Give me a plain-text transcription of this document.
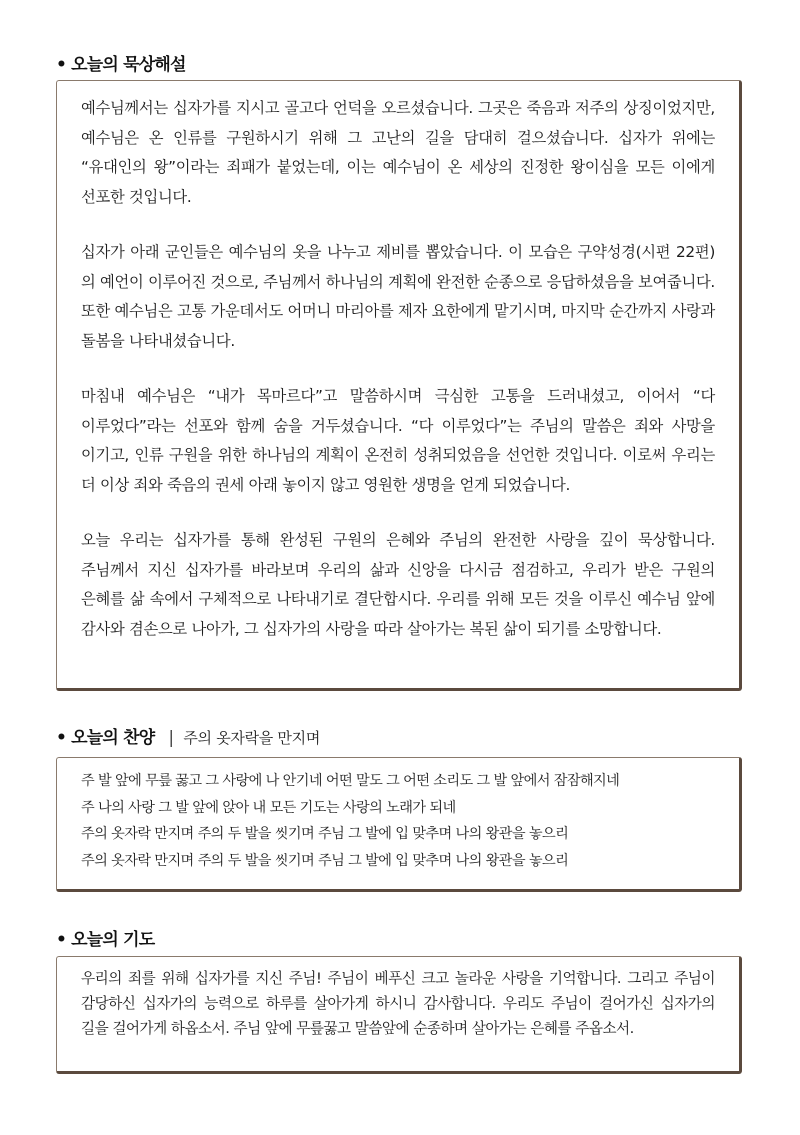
• 오늘의 묵상해설

예수님께서는 십자가를 지시고 골고다 언덕을 오르셨습니다. 그곳은 죽음과 저주의 상징이었지만, 예수님은 온 인류를 구원하시기 위해 그 고난의 길을 담대히 걸으셨습니다. 십자가 위에는 “유대인의 왕”이라는 죄패가 붙었는데, 이는 예수님이 온 세상의 진정한 왕이심을 모든 이에게 선포한 것입니다.

십자가 아래 군인들은 예수님의 옷을 나누고 제비를 뽑았습니다. 이 모습은 구약성경(시편 22편)의 예언이 이루어진 것으로, 주님께서 하나님의 계획에 완전한 순종으로 응답하셨음을 보여줍니다. 또한 예수님은 고통 가운데서도 어머니 마리아를 제자 요한에게 맡기시며, 마지막 순간까지 사랑과 돌봄을 나타내셨습니다.

마침내 예수님은 “내가 목마르다”고 말씀하시며 극심한 고통을 드러내셨고, 이어서 “다 이루었다”라는 선포와 함께 숨을 거두셨습니다. “다 이루었다”는 주님의 말씀은 죄와 사망을 이기고, 인류 구원을 위한 하나님의 계획이 온전히 성취되었음을 선언한 것입니다. 이로써 우리는 더 이상 죄와 죽음의 권세 아래 놓이지 않고 영원한 생명을 얻게 되었습니다.

오늘 우리는 십자가를 통해 완성된 구원의 은혜와 주님의 완전한 사랑을 깊이 묵상합니다. 주님께서 지신 십자가를 바라보며 우리의 삶과 신앙을 다시금 점검하고, 우리가 받은 구원의 은혜를 삶 속에서 구체적으로 나타내기로 결단합시다. 우리를 위해 모든 것을 이루신 예수님 앞에 감사와 겸손으로 나아가, 그 십자가의 사랑을 따라 살아가는 복된 삶이 되기를 소망합니다.

• 오늘의 찬양 | 주의 옷자락을 만지며
주 발 앞에 무릎 꿇고 그 사랑에 나 안기네 어떤 말도 그 어떤 소리도 그 발 앞에서 잠잠해지네
주 나의 사랑 그 발 앞에 앉아 내 모든 기도는 사랑의 노래가 되네
주의 옷자락 만지며 주의 두 발을 씻기며 주님 그 발에 입 맞추며 나의 왕관을 놓으리
주의 옷자락 만지며 주의 두 발을 씻기며 주님 그 발에 입 맞추며 나의 왕관을 놓으리
• 오늘의 기도

우리의 죄를 위해 십자가를 지신 주님! 주님이 베푸신 크고 놀라운 사랑을 기억합니다. 그리고 주님이 감당하신 십자가의 능력으로 하루를 살아가게 하시니 감사합니다. 우리도 주님이 걸어가신 십자가의 길을 걸어가게 하옵소서. 주님 앞에 무릎꿇고 말씀앞에 순종하며 살아가는 은혜를 주옵소서.
